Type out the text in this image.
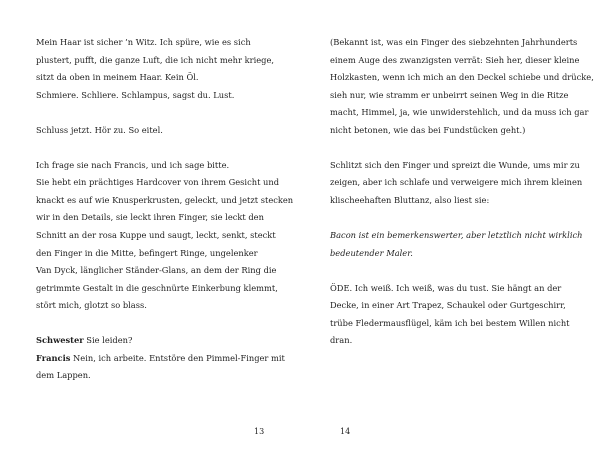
Mein Haar ist sicher ’n Witz. Ich spüre, wie es sich
plustert, pufft, die ganze Luft, die ich nicht mehr kriege,
sitzt da oben in meinem Haar. Kein Öl.
Schmiere. Schliere. Schlampus, sagst du. Lust.

Schluss jetzt. Hör zu. So eitel.

Ich frage sie nach Francis, und ich sage bitte.
Sie hebt ein prächtiges Hardcover von ihrem Gesicht und
knackt es auf wie Knusperkrusten, geleckt, und jetzt stecken
wir in den Details, sie leckt ihren Finger, sie leckt den
Schnitt an der rosa Kuppe und saugt, leckt, senkt, steckt
den Finger in die Mitte, befingert Ringe, ungelenker
Van Dyck, länglicher Ständer-Glans, an dem der Ring die
getrimmte Gestalt in die geschnürte Einkerbung klemmt,
stört mich, glotzt so blass.

Schwester Sie leiden?
Francis Nein, ich arbeite. Entstöre den Pimmel-Finger mit
dem Lappen.

(Bekannt ist, was ein Finger des siebzehnten Jahrhunderts
einem Auge des zwanzigsten verrät: Sieh her, dieser kleine
Holzkasten, wenn ich mich an den Deckel schiebe und drücke,
sieh nur, wie stramm er unbeirrt seinen Weg in die Ritze
macht, Himmel, ja, wie unwiderstehlich, und da muss ich gar
nicht betonen, wie das bei Fundstücken geht.)

Schlitzt sich den Finger und spreizt die Wunde, ums mir zu
zeigen, aber ich schlafe und verweigere mich ihrem kleinen
klischeehaften Bluttanz, also liest sie:

Bacon ist ein bemerkenswerter, aber letztlich nicht wirklich
bedeutender Maler.

ÖDE. Ich weiß. Ich weiß, was du tust. Sie hängt an der
Decke, in einer Art Trapez, Schaukel oder Gurtgeschirr,
trübe Fledermausflügel, käm ich bei bestem Willen nicht
dran.

13	14
